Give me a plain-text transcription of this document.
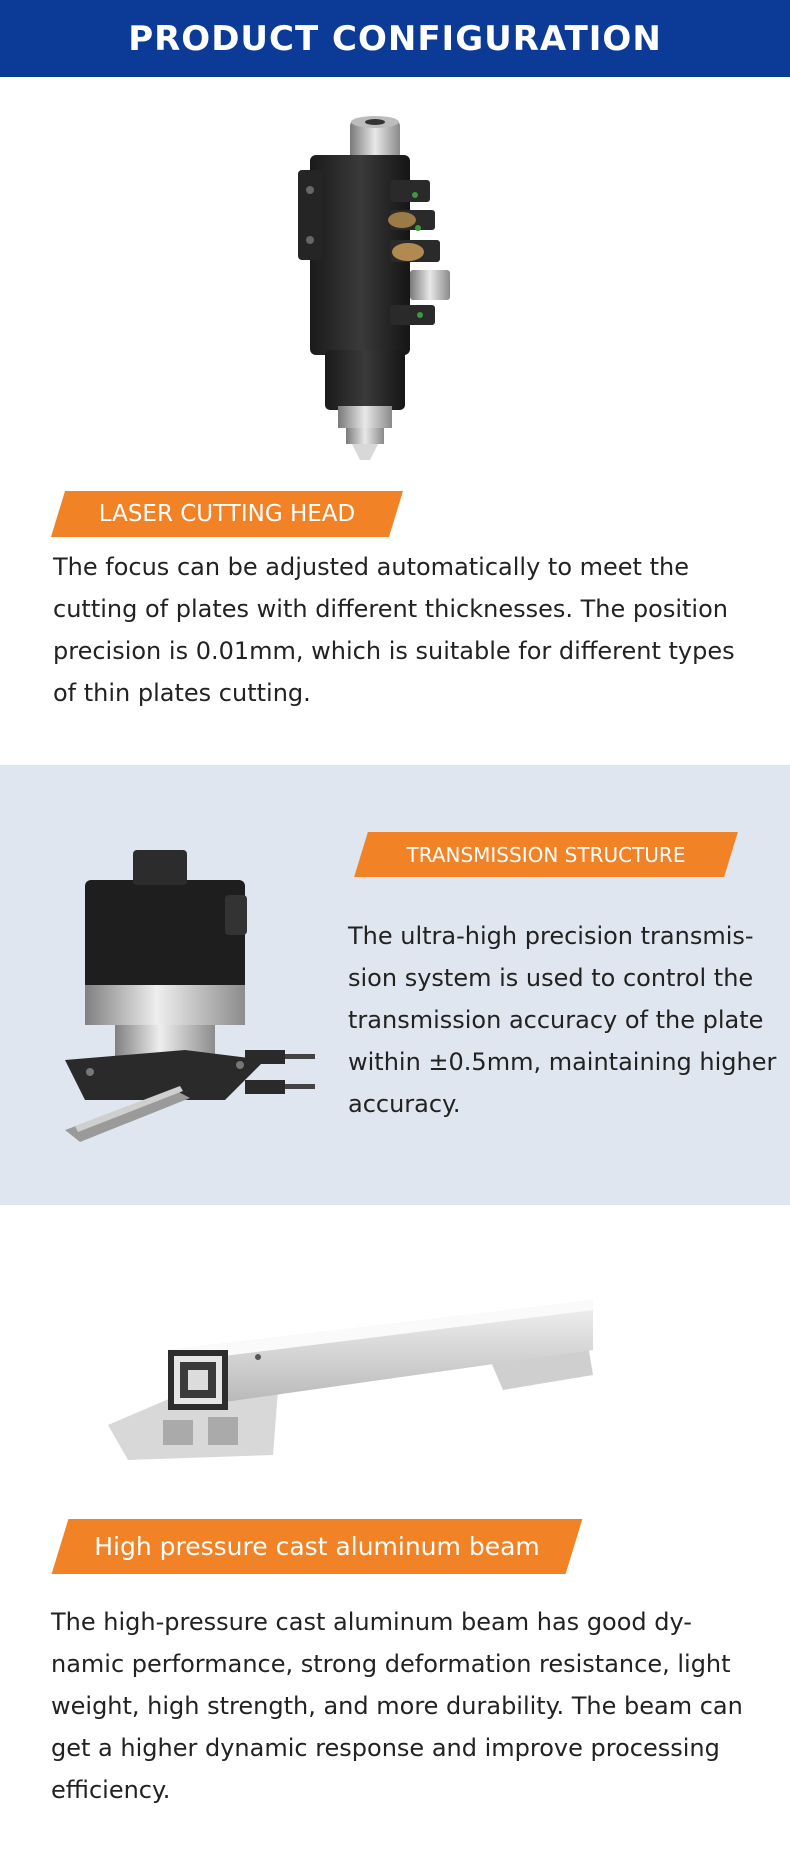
PRODUCT CONFIGURATION
LASER CUTTING HEAD

The focus can be adjusted automatically to meet the

cutting of plates with different thicknesses. The position

precision is 0.01mm, which is suitable for different types

of thin plates cutting.

TRANSMISSION STRUCTURE

The ultra-high precision transmis-

sion system is used to control the

transmission accuracy of the plate

within ±0.5mm, maintaining higher

accuracy.

High pressure cast aluminum beam

The high-pressure cast aluminum beam has good dy-

namic performance, strong deformation resistance, light

weight, high strength, and more durability. The beam can

get a higher dynamic response and improve processing

efficiency.
